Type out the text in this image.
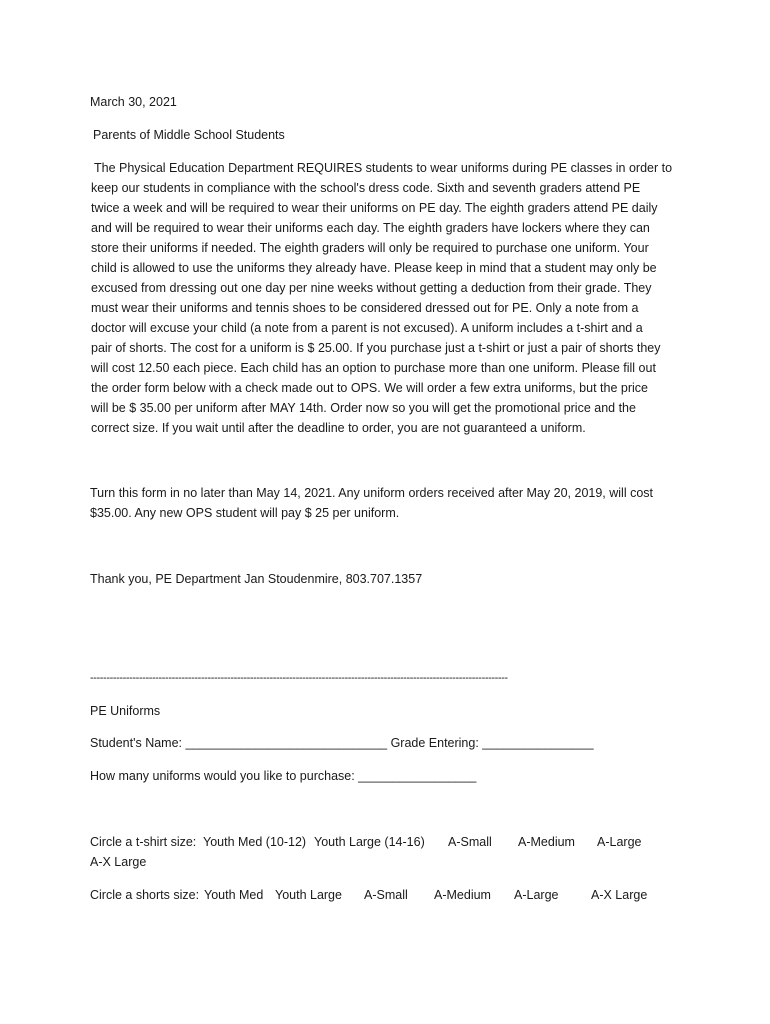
March 30, 2021
Parents of Middle School Students
The Physical Education Department REQUIRES students to wear uniforms during PE classes in order to
keep our students in compliance with the school's dress code. Sixth and seventh graders attend PE
twice a week and will be required to wear their uniforms on PE day. The eighth graders attend PE daily
and will be required to wear their uniforms each day. The eighth graders have lockers where they can
store their uniforms if needed. The eighth graders will only be required to purchase one uniform. Your
child is allowed to use the uniforms they already have. Please keep in mind that a student may only be
excused from dressing out one day per nine weeks without getting a deduction from their grade. They
must wear their uniforms and tennis shoes to be considered dressed out for PE. Only a note from a
doctor will excuse your child (a note from a parent is not excused). A uniform includes a t-shirt and a
pair of shorts. The cost for a uniform is $ 25.00. If you purchase just a t-shirt or just a pair of shorts they
will cost 12.50 each piece. Each child has an option to purchase more than one uniform. Please fill out
the order form below with a check made out to OPS. We will order a few extra uniforms, but the price
will be $ 35.00 per uniform after MAY 14th. Order now so you will get the promotional price and the
correct size. If you wait until after the deadline to order, you are not guaranteed a uniform.
Turn this form in no later than May 14, 2021. Any uniform orders received after May 20, 2019, will cost
$35.00. Any new OPS student will pay $ 25 per uniform.
Thank you, PE Department Jan Stoudenmire, 803.707.1357
--------------------------------------------------------------------------------------------------------------------------------
PE Uniforms
Student's Name: _____________________________ Grade Entering: ________________
How many uniforms would you like to purchase: _________________
Circle a t-shirt size: Youth Med (10-12) Youth Large (14-16) A-Small A-Medium A-Large
A-X Large
Circle a shorts size: Youth Med Youth Large A-Small A-Medium A-Large	A-X Large
